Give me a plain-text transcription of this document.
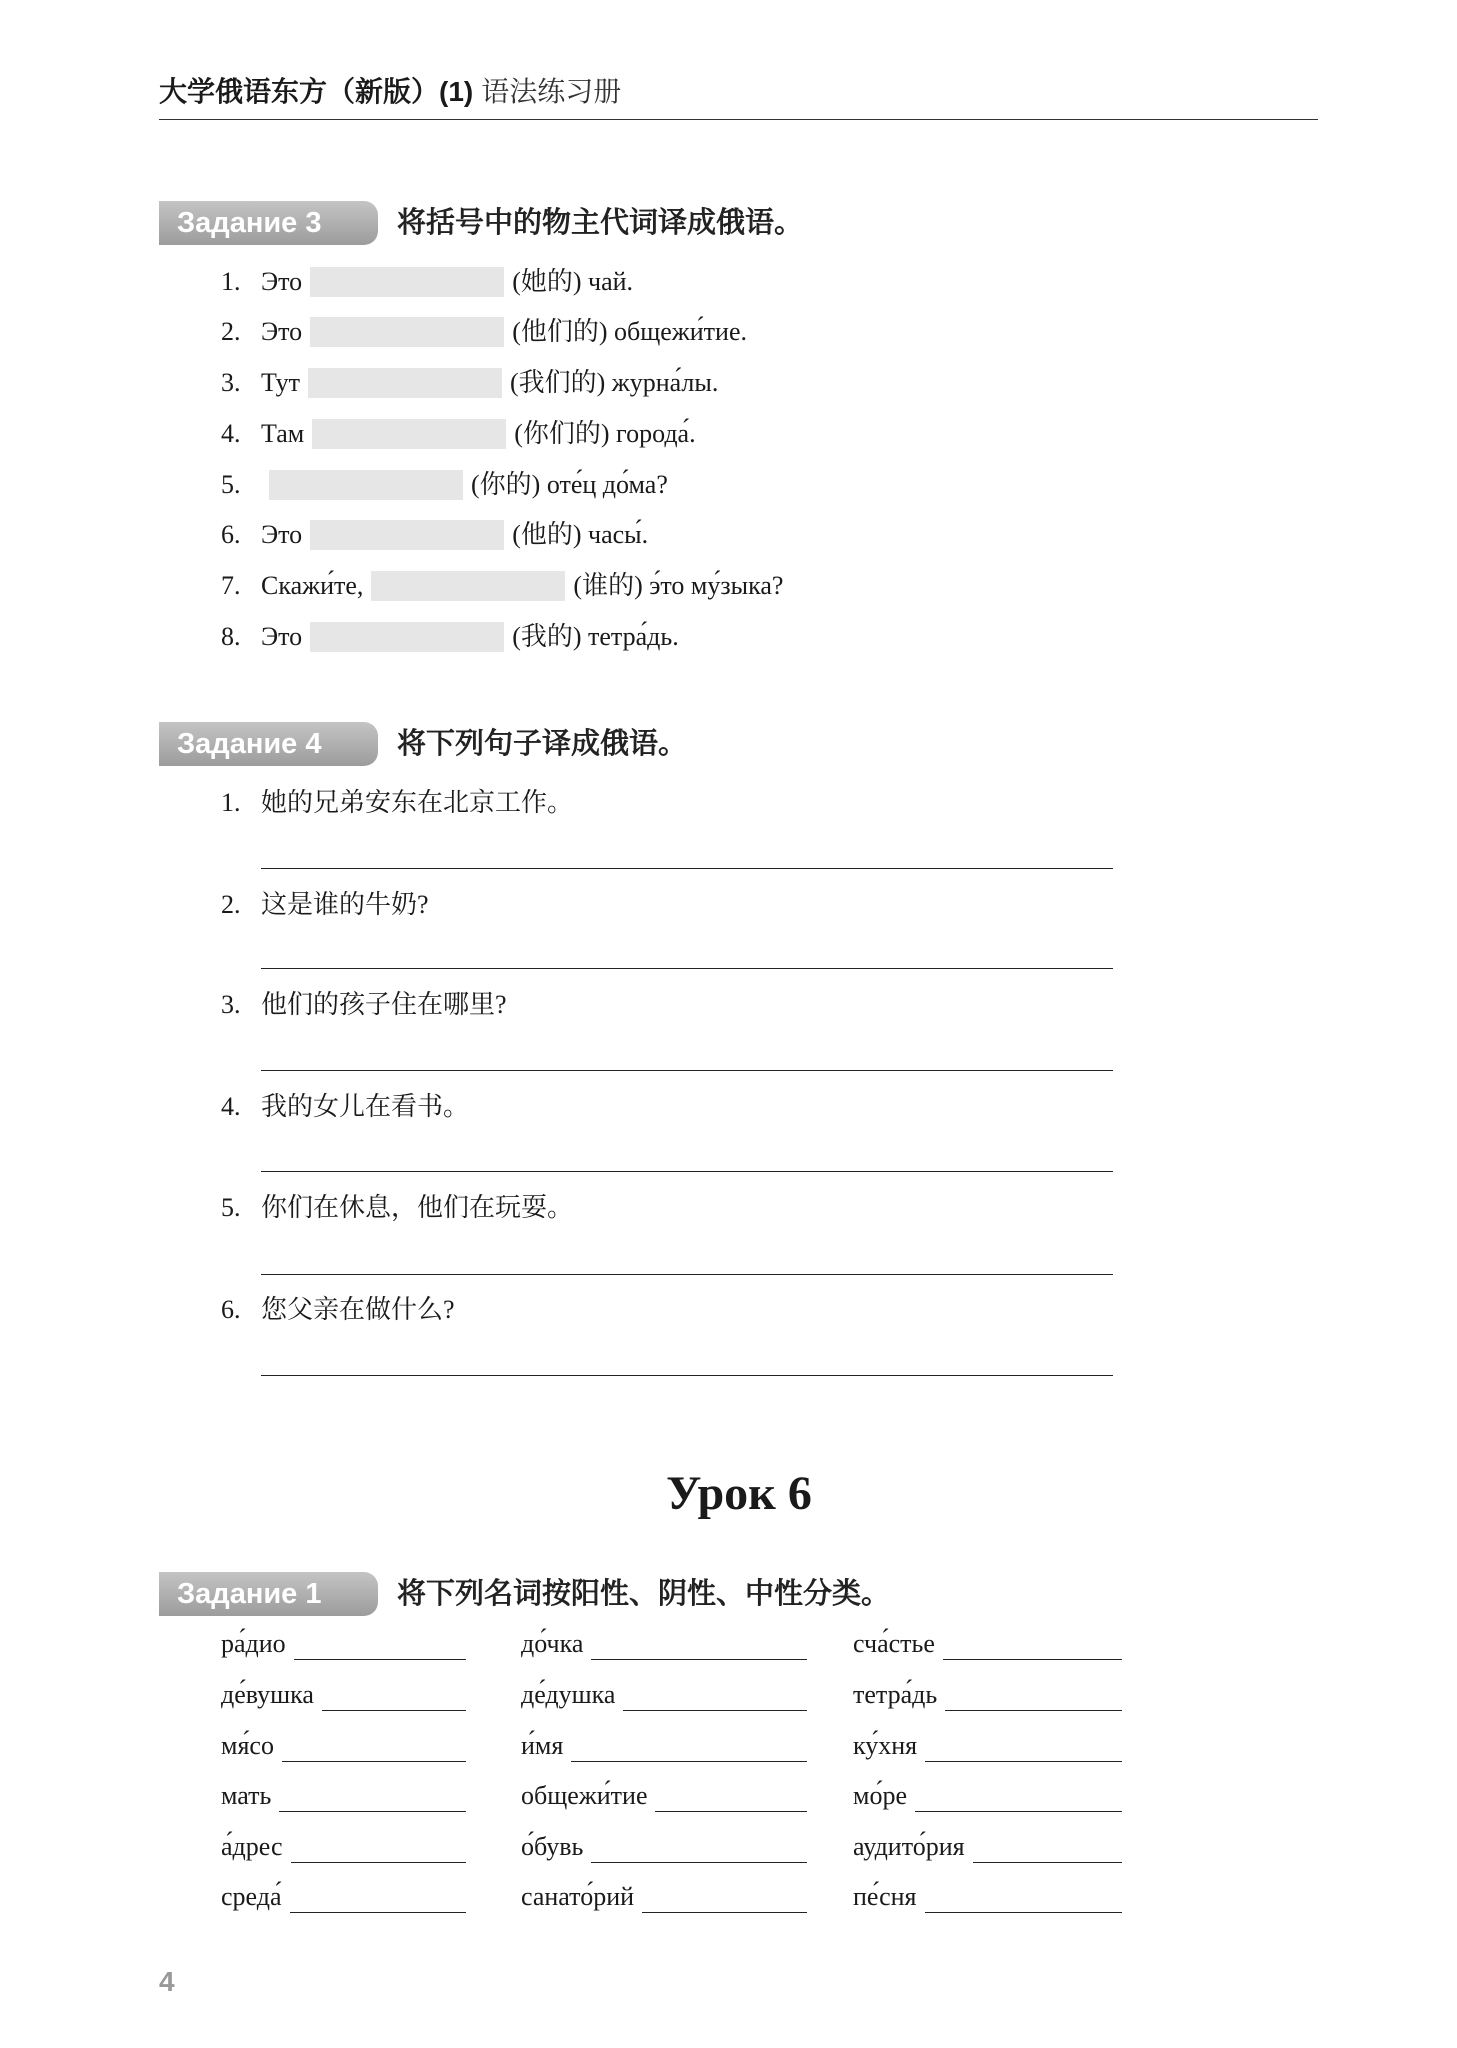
大学俄语东方（新版）(1) 语法练习册
Задание 3	将括号中的物主代词译成俄语。
1. Это	(她的) чай.
2. Это	(他们的) общежи́тие.
3. Тут	(我们的) журна́лы.
4. Там	(你们的) города́.
5.	(你的) оте́ц до́ма?
6. Это	(他的) часы́.
7. Скажи́те,	(谁的) э́то му́зыка?
8. Это	(我的) тетра́дь.
Задание 4	将下列句子译成俄语。
1. 她的兄弟安东在北京工作。
2. 这是谁的牛奶?
3. 他们的孩子住在哪里?
4. 我的女儿在看书。
5. 你们在休息，他们在玩耍。
6. 您父亲在做什么?
Урок 6
Задание 1	将下列名词按阳性、阴性、中性分类。
ра́дио	до́чка	сча́стье
де́вушка	де́душка	тетра́дь
мя́со	и́мя	ку́хня
мать	общежи́тие	мо́ре
а́дрес	о́бувь	аудито́рия
среда́	санато́рий	пе́сня
4
